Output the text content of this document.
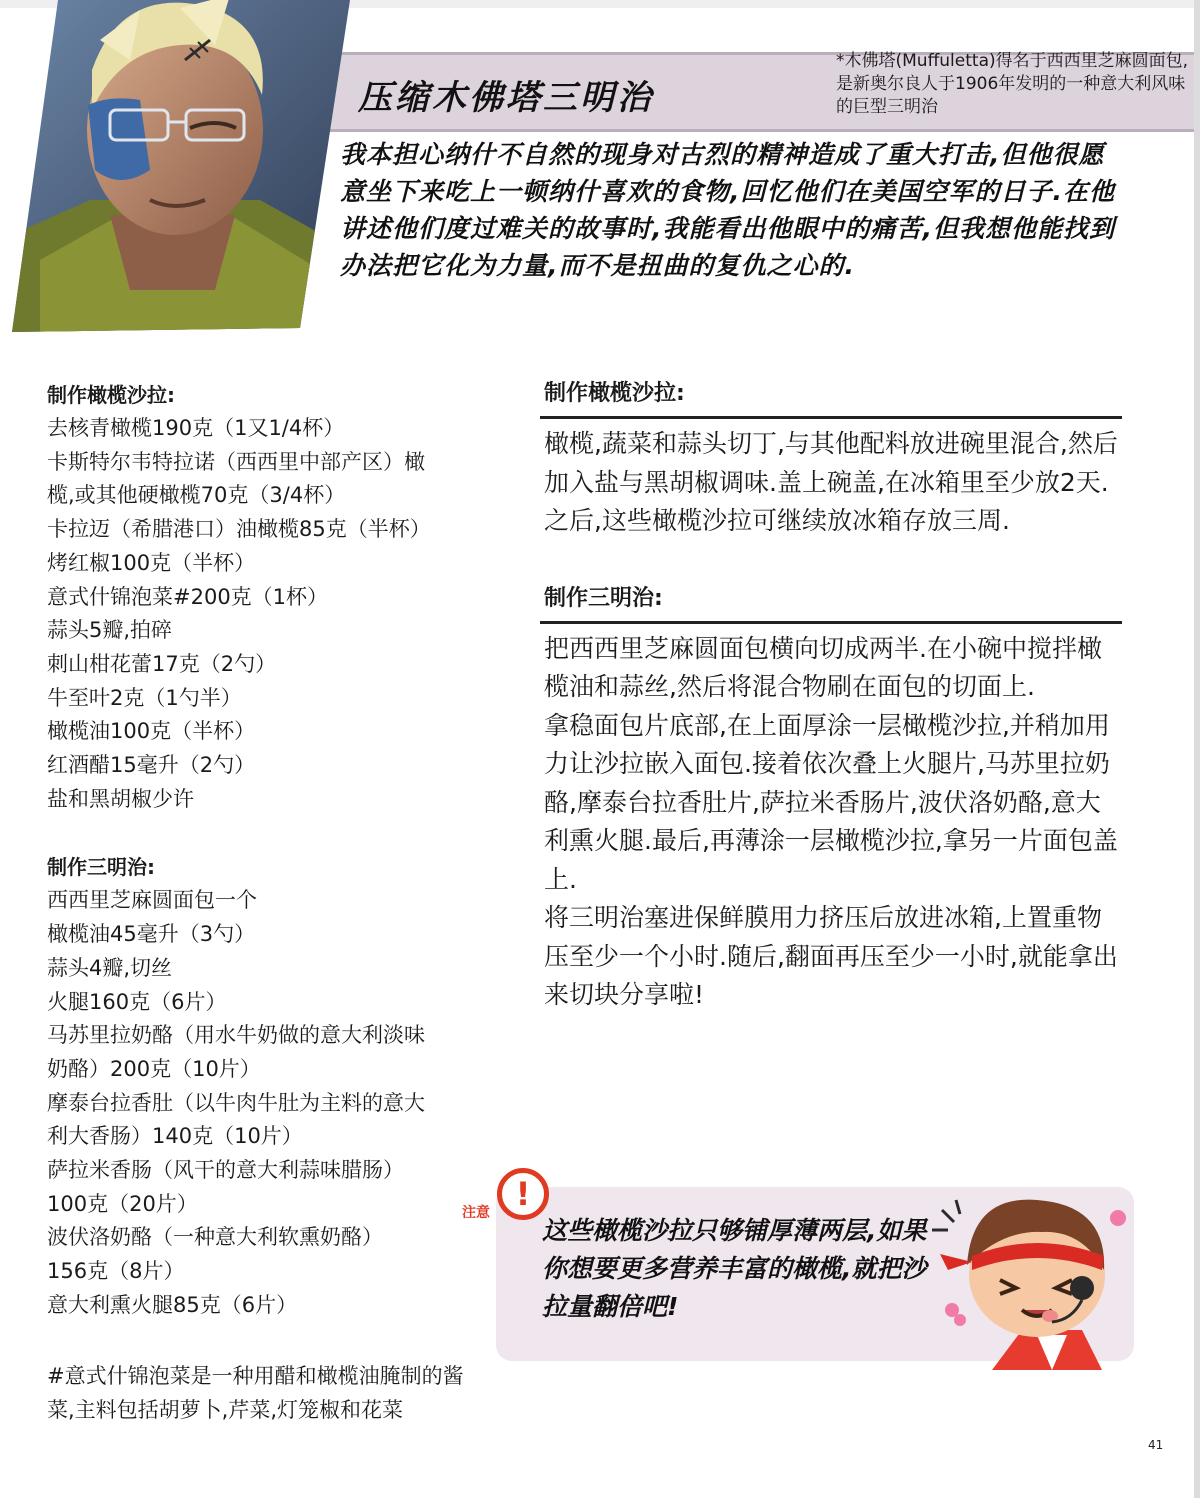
压缩木佛塔三明治

*木佛塔(Muffuletta)得名于西西里芝麻圆面包,是新奥尔良人于1906年发明的一种意大利风味的巨型三明治

我本担心纳什不自然的现身对古烈的精神造成了重大打击,但他很愿意坐下来吃上一顿纳什喜欢的食物,回忆他们在美国空军的日子.在他讲述他们度过难关的故事时,我能看出他眼中的痛苦,但我想他能找到办法把它化为力量,而不是扭曲的复仇之心的.

制作橄榄沙拉:
去核青橄榄190克（1又1/4杯）
卡斯特尔韦特拉诺（西西里中部产区）橄
榄,或其他硬橄榄70克（3/4杯）
卡拉迈（希腊港口）油橄榄85克（半杯）
烤红椒100克（半杯）
意式什锦泡菜#200克（1杯）
蒜头5瓣,拍碎
刺山柑花蕾17克（2勺）
牛至叶2克（1勺半）
橄榄油100克（半杯）
红酒醋15毫升（2勺）
盐和黑胡椒少许
制作三明治:
西西里芝麻圆面包一个
橄榄油45毫升（3勺）
蒜头4瓣,切丝
火腿160克（6片）
马苏里拉奶酪（用水牛奶做的意大利淡味
奶酪）200克（10片）
摩泰台拉香肚（以牛肉牛肚为主料的意大
利大香肠）140克（10片）
萨拉米香肠（风干的意大利蒜味腊肠）
100克（20片）
波伏洛奶酪（一种意大利软熏奶酪）
156克（8片）
意大利熏火腿85克（6片）

#意式什锦泡菜是一种用醋和橄榄油腌制的酱菜,主料包括胡萝卜,芹菜,灯笼椒和花菜

制作橄榄沙拉:

橄榄,蔬菜和蒜头切丁,与其他配料放进碗里混合,然后加入盐与黑胡椒调味.盖上碗盖,在冰箱里至少放2天.之后,这些橄榄沙拉可继续放冰箱存放三周.

制作三明治:

把西西里芝麻圆面包横向切成两半.在小碗中搅拌橄榄油和蒜丝,然后将混合物刷在面包的切面上.

拿稳面包片底部,在上面厚涂一层橄榄沙拉,并稍加用力让沙拉嵌入面包.接着依次叠上火腿片,马苏里拉奶酪,摩泰台拉香肚片,萨拉米香肠片,波伏洛奶酪,意大利熏火腿.最后,再薄涂一层橄榄沙拉,拿另一片面包盖上.

将三明治塞进保鲜膜用力挤压后放进冰箱,上置重物压至少一个小时.随后,翻面再压至少一小时,就能拿出来切块分享啦!

!
注意

这些橄榄沙拉只够铺厚薄两层,如果你想要更多营养丰富的橄榄,就把沙拉量翻倍吧!

41
